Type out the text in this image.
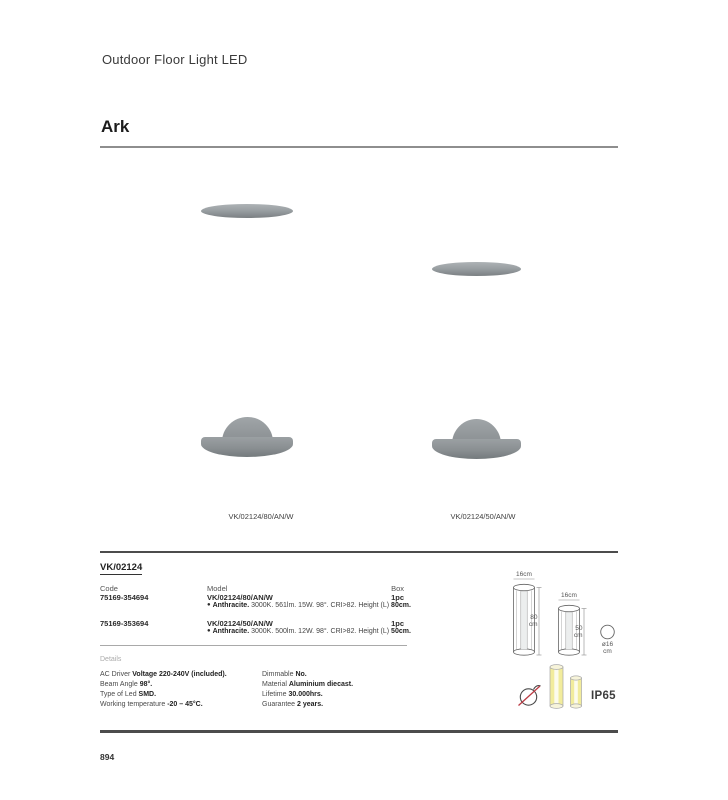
Outdoor Floor Light LED
Ark
VK/02124/80/AN/W	VK/02124/50/AN/W
VK/02124
Code	Model	Box
75169-354694	VK/02124/80/AN/W	1pc
● Anthracite. 3000K. 561lm. 15W. 98°. CRI>82. Height (L) 80cm.
75169-353694	VK/02124/50/AN/W	1pc
● Anthracite. 3000K. 500lm. 12W. 98°. CRI>82. Height (L) 50cm.
Details
AC Driver Voltage 220-240V (included).
Beam Angle 98°.
Type of Led SMD.
Working temperature -20 – 45°C.
Dimmable No.
Material Aluminium diecast.
Lifetime 30.000hrs.
Guarantee 2 years.
16cm
80
cm
16cm
50
cm
ø16
cm
IP65
894
